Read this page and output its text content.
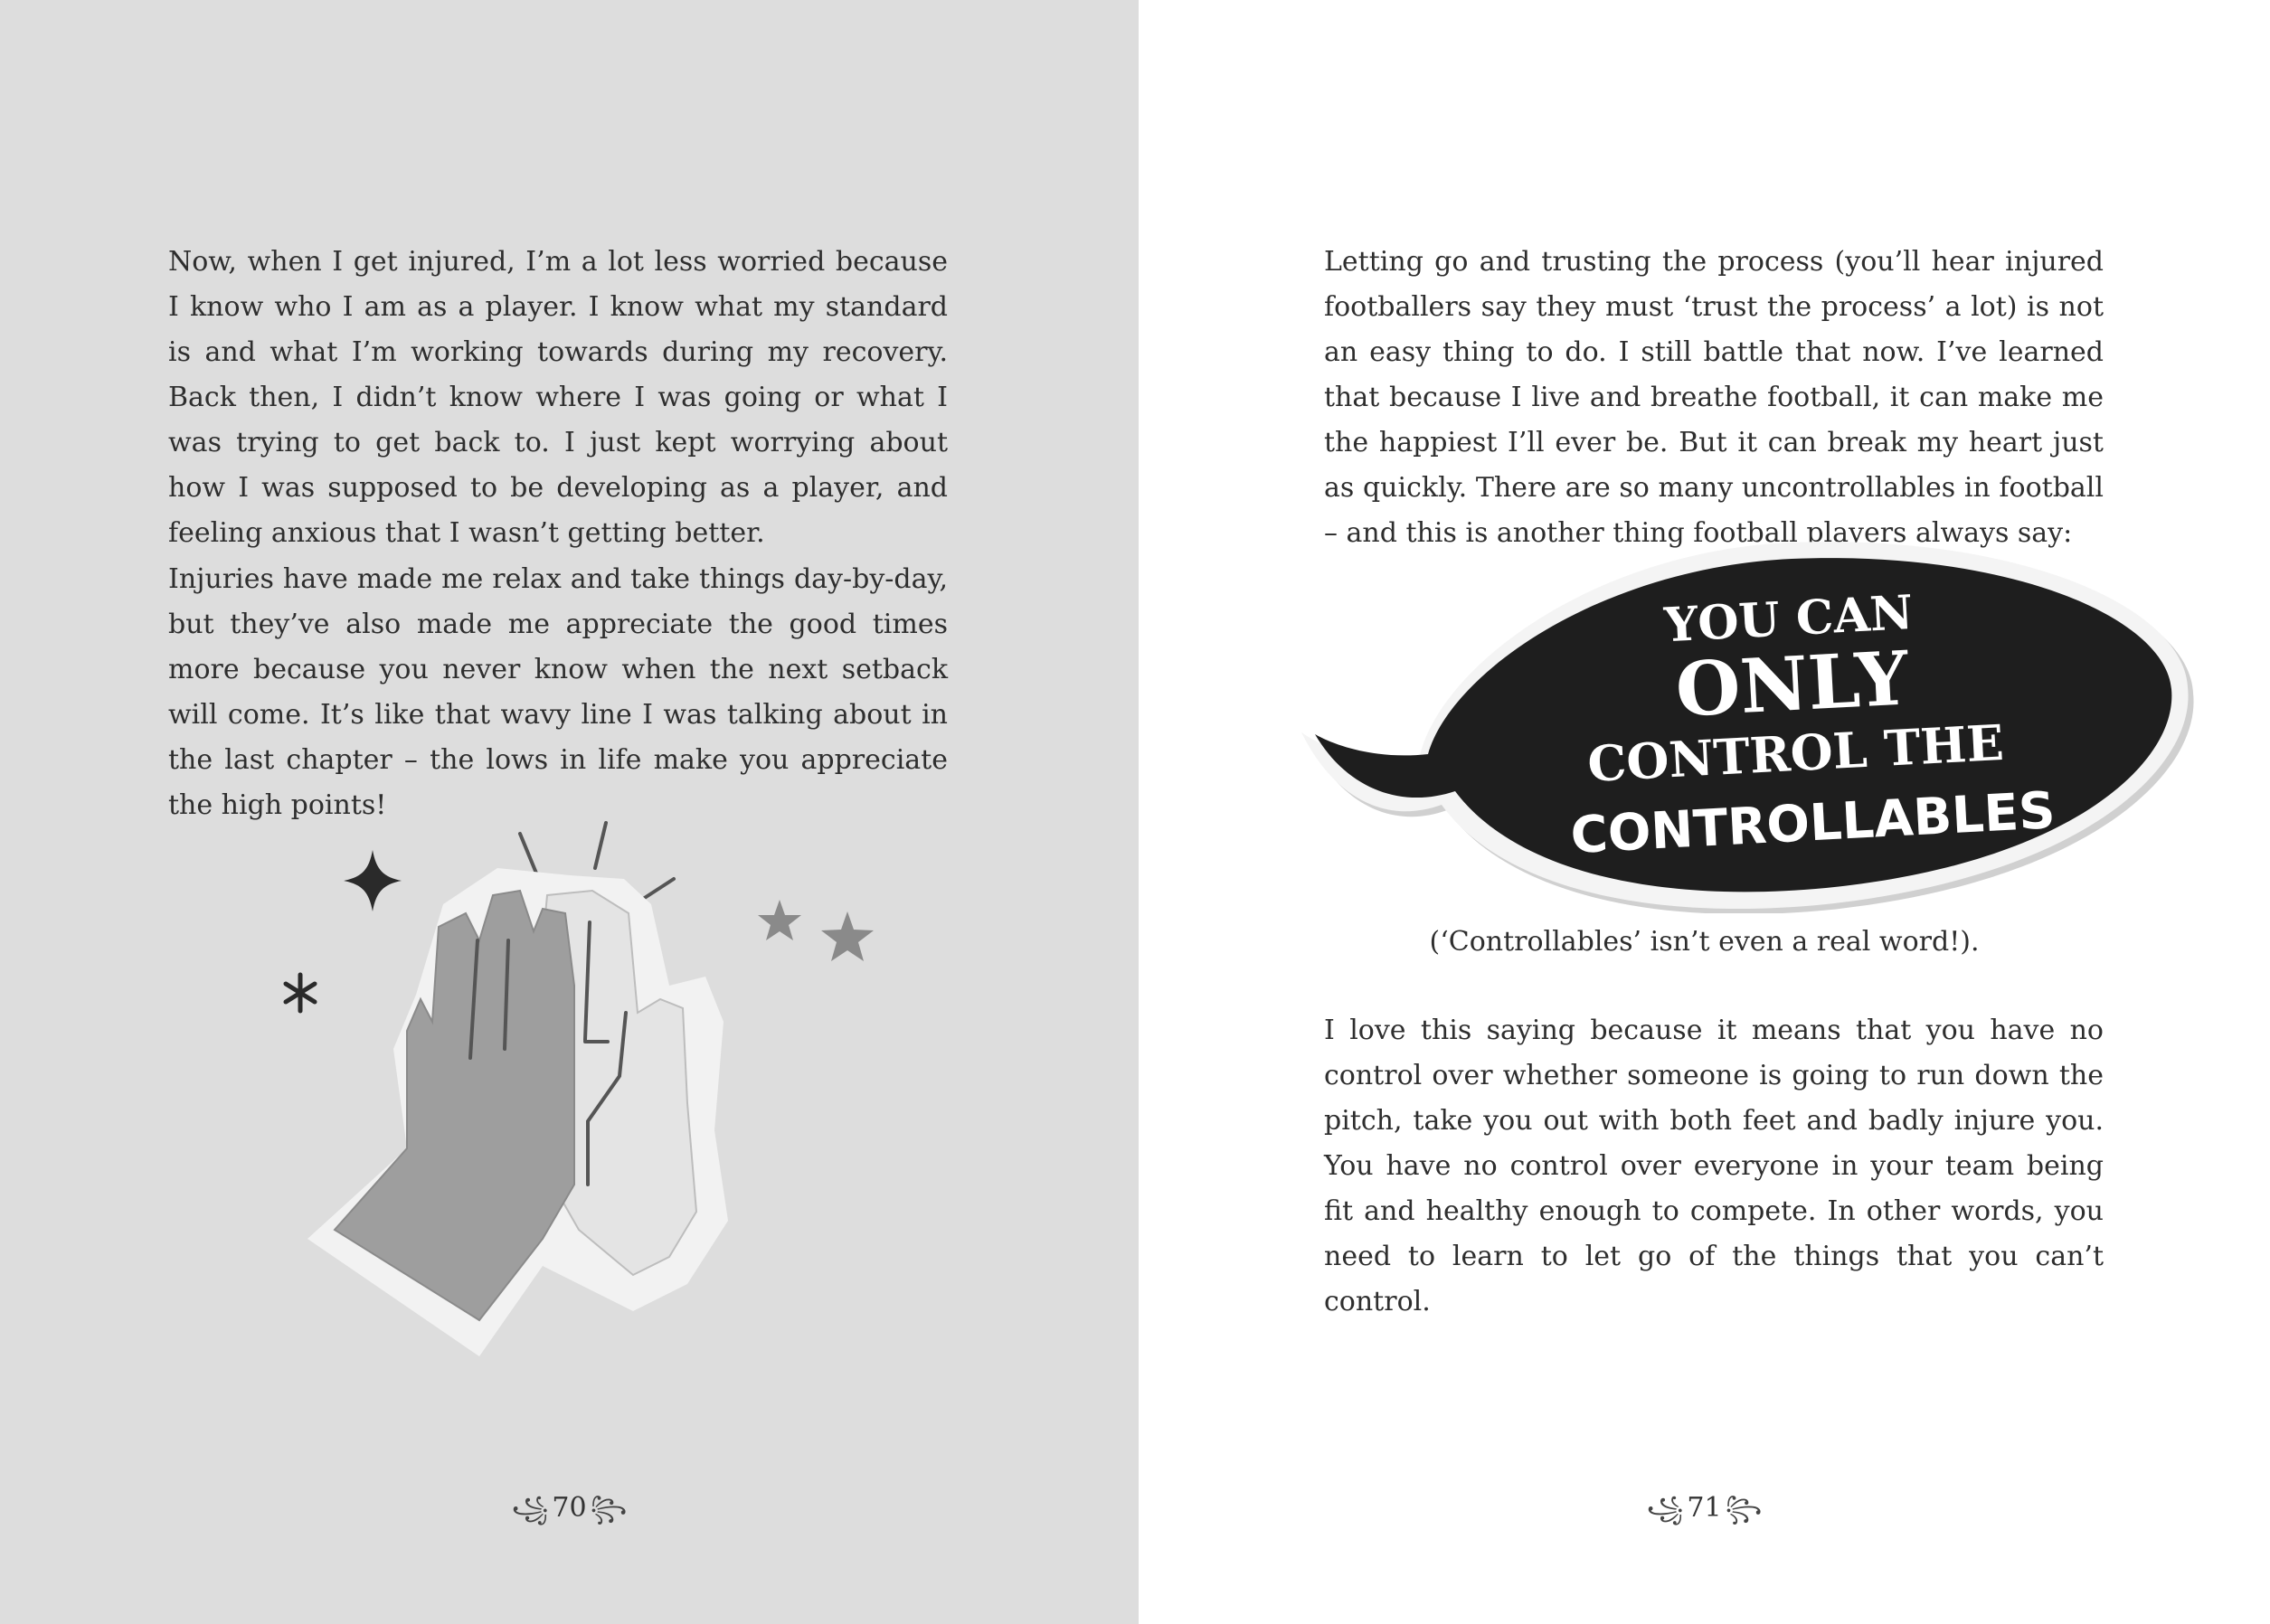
Now, when I get injured, I’m a lot less worried because I know who I am as a player. I know what my standard is and what I’m working towards during my recovery. Back then, I didn’t know where I was going or what I was trying to get back to. I just kept worrying about how I was supposed to be developing as a player, and feeling anxious that I wasn’t getting better.

Injuries have made me relax and take things day-by-day, but they’ve also made me appreciate the good times more because you never know when the next setback will come. It’s like that wavy line I was talking about in the last chapter – the lows in life make you appreciate the high points!

꧁ 70 ꧂

Letting go and trusting the process (you’ll hear injured footballers say they must ‘trust the process’ a lot) is not an easy thing to do. I still battle that now. I’ve learned that because I live and breathe football, it can make me the happiest I’ll ever be. But it can break my heart just as quickly. There are so many uncontrollables in football – and this is another thing football players always say:

YOU CAN
ONLY
CONTROL THE
CONTROLLABLES
(‘Controllables’ isn’t even a real word!).

I love this saying because it means that you have no control over whether someone is going to run down the pitch, take you out with both feet and badly injure you. You have no control over everyone in your team being fit and healthy enough to compete. In other words, you need to learn to let go of the things that you can’t control.

꧁ 71 ꧂
